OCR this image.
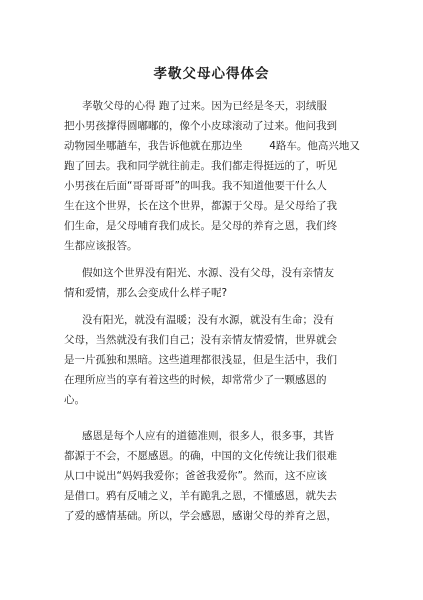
孝敬父母心得体会
孝敬父母的心得 跑了过来。因为已经是冬天，羽绒服
把小男孩撑得圆嘟嘟的，像个小皮球滚动了过来。他问我到
动物园坐哪趟车，我告诉他就在那边坐        4路车。他高兴地又
跑了回去。我和同学就往前走。我们都走得挺远的了，听见
小男孩在后面“哥哥哥哥”的叫我。我不知道他要干什么人
生在这个世界，长在这个世界，都源于父母。是父母给了我
们生命，是父母哺育我们成长。是父母的养育之恩，我们终
生都应该报答。
假如这个世界没有阳光、水源、没有父母，没有亲情友
情和爱情，那么会变成什么样子呢?
没有阳光，就没有温暖；没有水源，就没有生命；没有
父母，当然就没有我们自己；没有亲情友情爱情，世界就会
是一片孤独和黑暗。这些道理都很浅显，但是生活中，我们
在理所应当的享有着这些的时候，却常常少了一颗感恩的
心。
感恩是每个人应有的道德准则，很多人，很多事，其皆
都源于不会，不愿感恩。的确，中国的文化传统让我们很难
从口中说出“妈妈我爱你；爸爸我爱你”。然而，这不应该
是借口。鸦有反哺之义，羊有跪乳之恩，不懂感恩，就失去
了爱的感情基础。所以，学会感恩，感谢父母的养育之恩，
